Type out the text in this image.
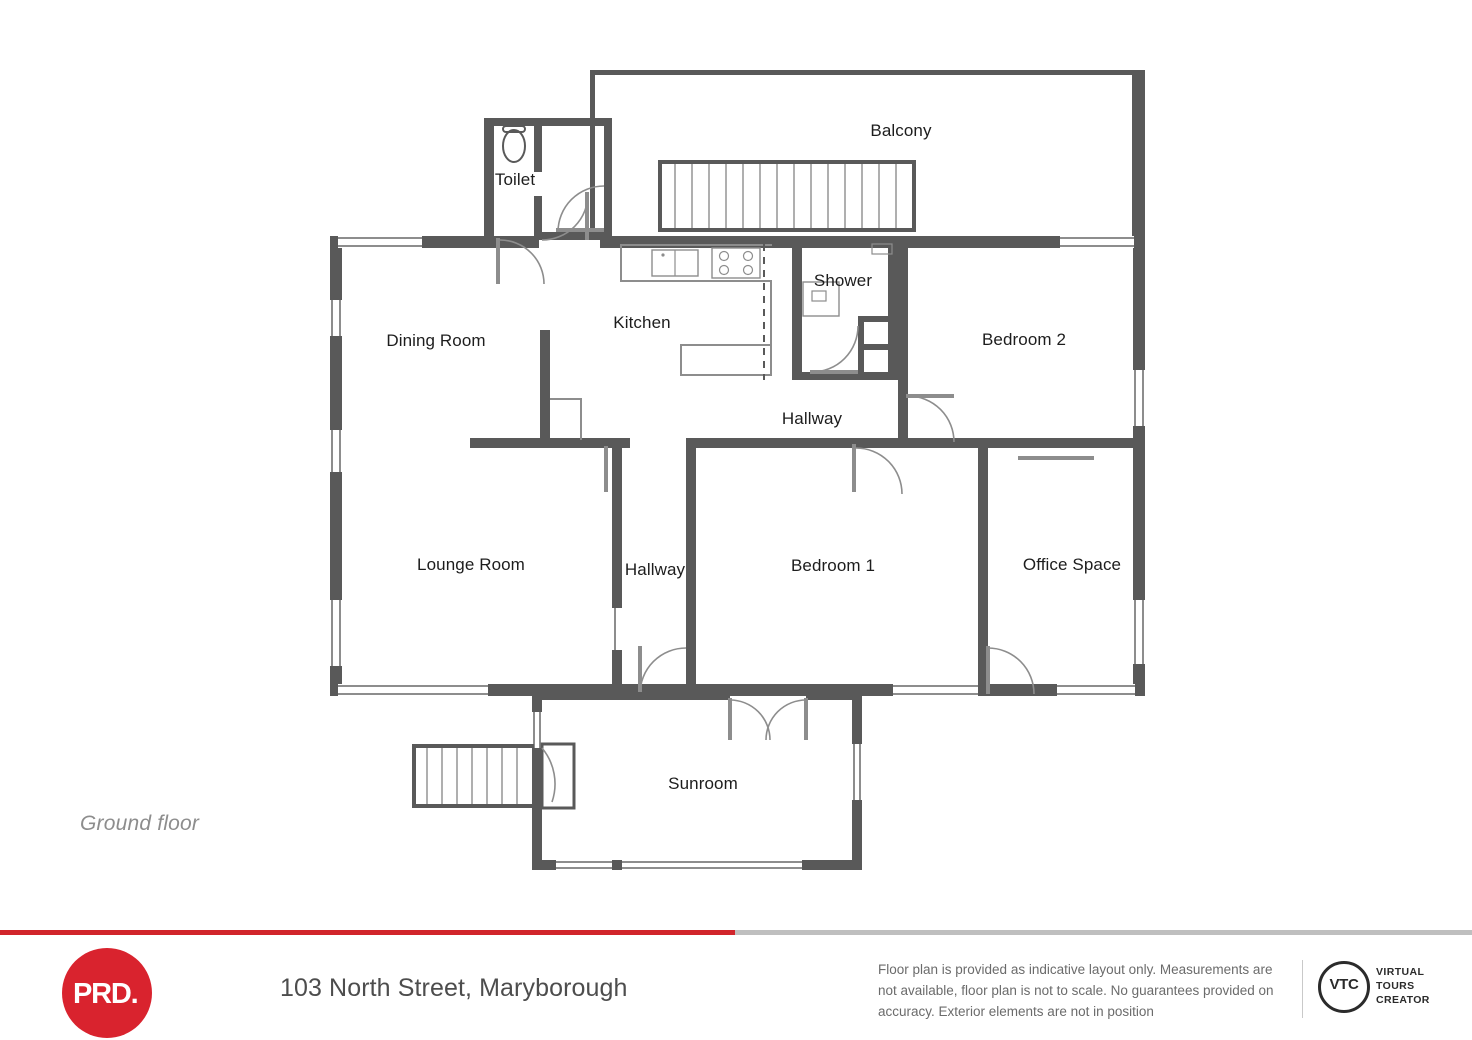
Balcony
Toilet
Shower
Kitchen
Dining Room	Bedroom 2
Hallway
Lounge Room	Hallway	Bedroom 1	Office Space
Sunroom
Ground floor
PRD.	103 North Street, Maryborough
Floor plan is provided as indicative layout only. Measurements are not available, floor plan is not to scale. No guarantees provided on accuracy. Exterior elements are not in position
VTC
VIRTUAL
TOURS
CREATOR
